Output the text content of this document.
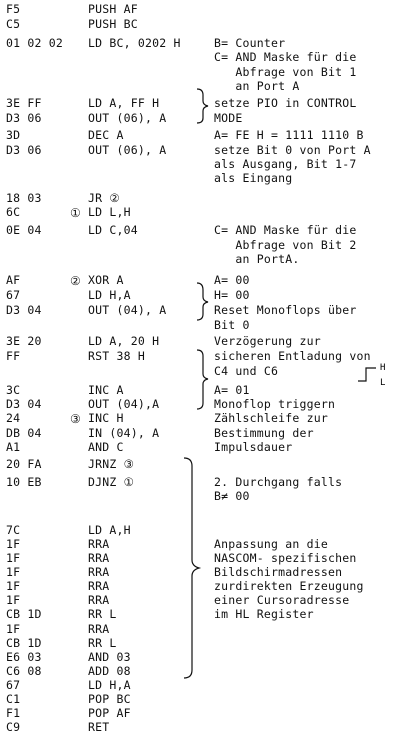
F5	PUSH AF
C5	PUSH BC
01 02 02 LD BC, 0202 H	B= Counter
C= AND Maske für die
Abfrage von Bit 1
an Port A
3E FF	LD A, FF H	setze PIO in CONTROL
D3 06	OUT (06), A	MODE
3D	DEC A	A= FE H = 1111 1110 B
D3 06	OUT (06), A	setze Bit 0 von Port A
als Ausgang, Bit 1-7
als Eingang
18 03	JR ②
6C	① LD L,H
0E 04	LD C,04	C= AND Maske für die
Abfrage von Bit 2
an PortA.
AF	② XOR A	A= 00
67	LD H,A	H= 00
D3 04	OUT (04), A	Reset Monoflops über
Bit 0
3E 20	LD A, 20 H	Verzögerung zur
FF	RST 38 H	sicheren Entladung von
C4 und C6
3C	INC A	A= 01
D3 04	OUT (04),A	Monoflop triggern
24	③ INC H	Zählschleife zur
DB 04	IN (04), A	Bestimmung der
A1	AND C	Impulsdauer
20 FA	JRNZ ③
10 EB	DJNZ ①	2. Durchgang falls
B≠ 00
7C	LD A,H
1F	RRA	Anpassung an die
1F	RRA	NASCOM- spezifischen
1F	RRA	Bildschirmadressen
1F	RRA	zurdirekten Erzeugung
1F	RRA	einer Cursoradresse
CB 1D	RR L	im HL Register
1F	RRA
CB 1D	RR L
E6 03	AND 03
C6 08	ADD 08
67	LD H,A
C1	POP BC
F1	POP AF
C9	RET
H
L
